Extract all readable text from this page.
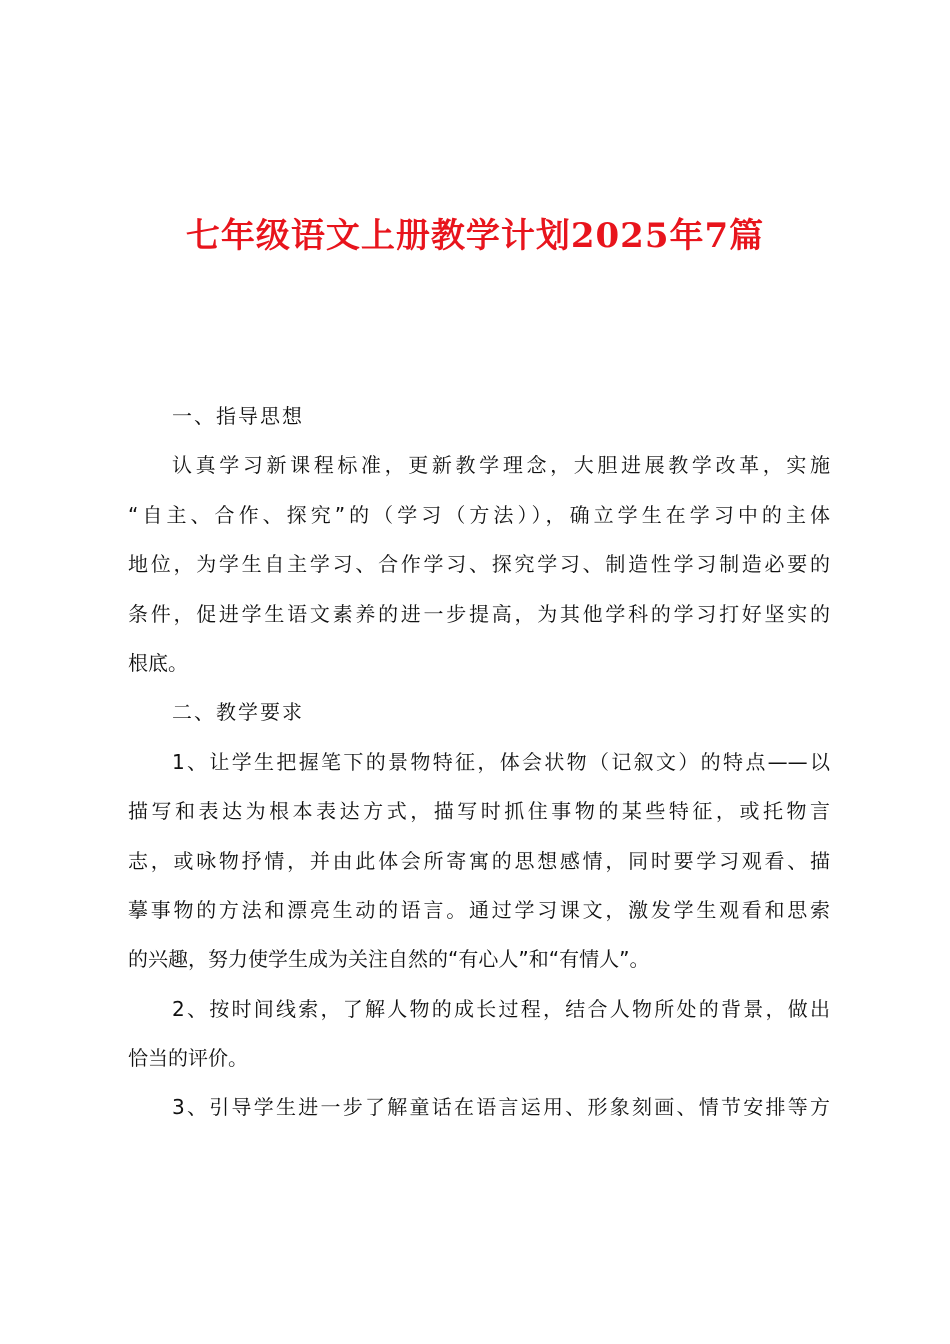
七年级语文上册教学计划2025年7篇
一、指导思想
认真学习新课程标准，更新教学理念，大胆进展教学改革，实施
“自主、合作、探究”的（学习（方法）），确立学生在学习中的主体
地位，为学生自主学习、合作学习、探究学习、制造性学习制造必要的
条件，促进学生语文素养的进一步提高，为其他学科的学习打好坚实的
根底。
二、教学要求
1、让学生把握笔下的景物特征，体会状物（记叙文）的特点——以
描写和表达为根本表达方式，描写时抓住事物的某些特征，或托物言
志，或咏物抒情，并由此体会所寄寓的思想感情，同时要学习观看、描
摹事物的方法和漂亮生动的语言。通过学习课文，激发学生观看和思索
的兴趣，努力使学生成为关注自然的“有心人”和“有情人”。
2、按时间线索，了解人物的成长过程，结合人物所处的背景，做出
恰当的评价。
3、引导学生进一步了解童话在语言运用、形象刻画、情节安排等方
